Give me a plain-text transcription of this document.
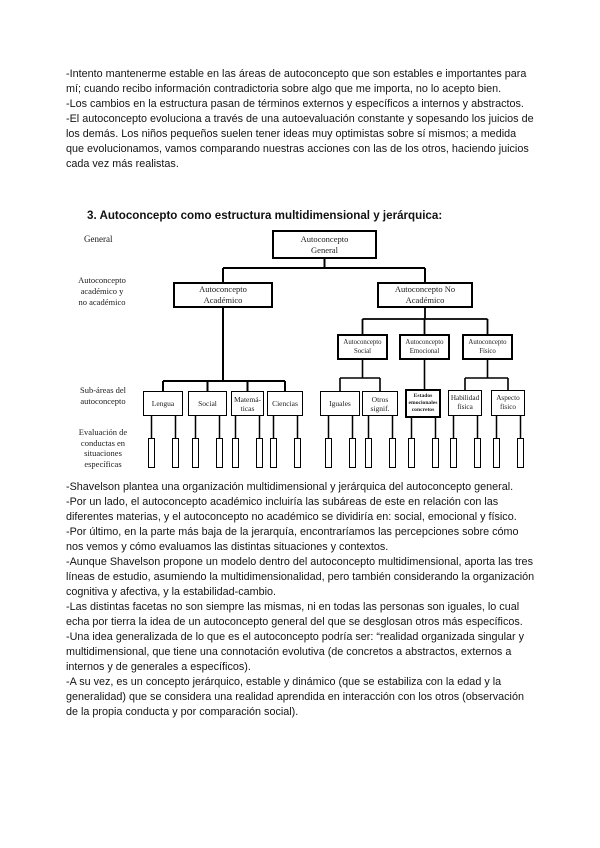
-Intento mantenerme estable en las áreas de autoconcepto que son estables e importantes para mí; cuando recibo información contradictoria sobre algo que me importa, no lo acepto bien.

-Los cambios en la estructura pasan de términos externos y específicos a internos y abstractos.

-El autoconcepto evoluciona a través de una autoevaluación constante y sopesando los juicios de los demás. Los niños pequeños suelen tener ideas muy optimistas sobre sí mismos; a medida que evolucionamos, vamos comparando nuestras acciones con las de los otros, haciendo juicios cada vez más realistas.

3. Autoconcepto como estructura multidimensional y jerárquica:
General
Autoconcepto
académico y
no académico
Sub-áreas del
autoconcepto
Evaluación de
conductas en
situaciones
específicas
Autoconcepto
General
Autoconcepto
Académico
Autoconcepto No
Académico
Autoconcepto
Social
Autoconcepto
Emocional
Autoconcepto
Físico
Lengua	Social	Matemá-
ticas	Ciencias	Iguales	Otros
signif.
Estados
emocionales
concretos
Habilidad
física
Aspecto
físico

-Shavelson plantea una organización multidimensional y jerárquica del autoconcepto general.

-Por un lado, el autoconcepto académico incluiría las subáreas de este en relación con las diferentes materias, y el autoconcepto no académico se dividiría en: social, emocional y físico.

-Por último, en la parte más baja de la jerarquía, encontraríamos las percepciones sobre cómo nos vemos y cómo evaluamos las distintas situaciones y contextos.

-Aunque Shavelson propone un modelo dentro del autoconcepto multidimensional, aporta las tres líneas de estudio, asumiendo la multidimensionalidad, pero también considerando la organización cognitiva y afectiva, y la estabilidad-cambio.

-Las distintas facetas no son siempre las mismas, ni en todas las personas son iguales, lo cual echa por tierra la idea de un autoconcepto general del que se desglosan otros más específicos.

-Una idea generalizada de lo que es el autoconcepto podría ser: “realidad organizada singular y multidimensional, que tiene una connotación evolutiva (de concretos a abstractos, externos a internos y de generales a específicos).

-A su vez, es un concepto jerárquico, estable y dinámico (que se estabiliza con la edad y la generalidad) que se considera una realidad aprendida en interacción con los otros (observación de la propia conducta y por comparación social).
